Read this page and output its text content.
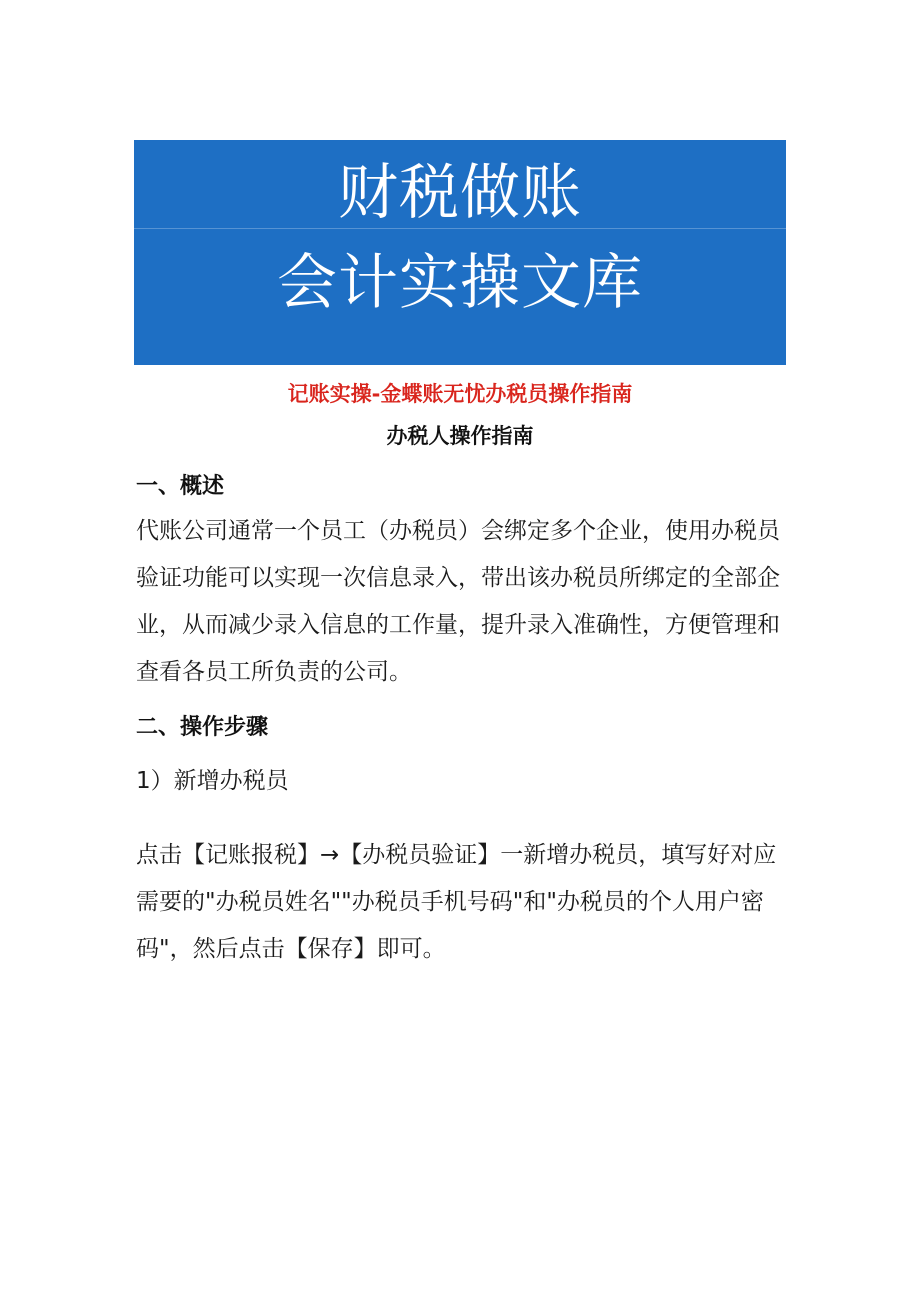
财税做账
会计实操文库
记账实操-金蝶账无忧办税员操作指南
办税人操作指南
一、概述

代账公司通常一个员工（办税员）会绑定多个企业，使用办税员验证功能可以实现一次信息录入，带出该办税员所绑定的全部企业，从而减少录入信息的工作量，提升录入准确性，方便管理和查看各员工所负责的公司。

二、操作步骤

1）新增办税员

点击【记账报税】→【办税员验证】一新增办税员，填写好对应需要的"办税员姓名""办税员手机号码"和"办税员的个人用户密码"，然后点击【保存】即可。
